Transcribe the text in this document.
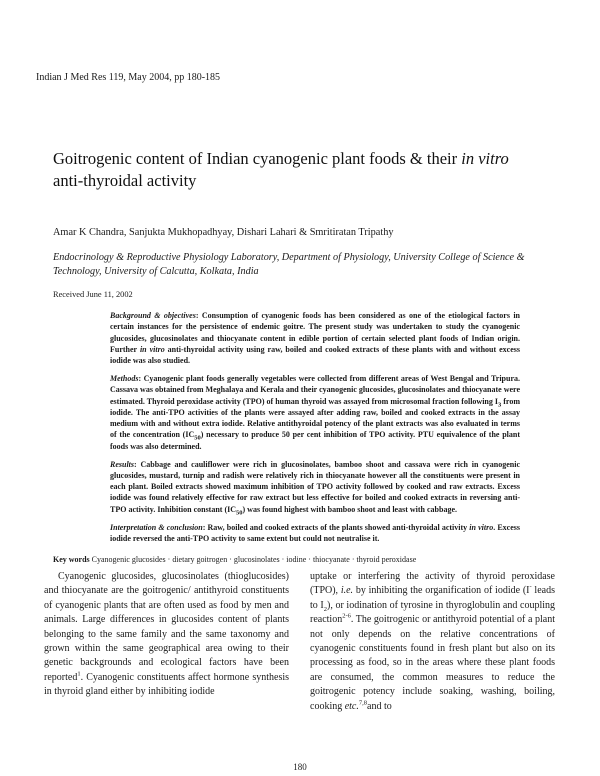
Indian J Med Res 119, May 2004, pp 180-185
Goitrogenic content of Indian cyanogenic plant foods & their in vitro
anti-thyroidal activity
Amar K Chandra, Sanjukta Mukhopadhyay, Dishari Lahari & Smritiratan Tripathy
Endocrinology & Reproductive Physiology Laboratory, Department of Physiology, University College of Science & Technology, University of Calcutta, Kolkata, India
Received June 11, 2002

Background & objectives: Consumption of cyanogenic foods has been considered as one of the etiological factors in certain instances for the persistence of endemic goitre. The present study was undertaken to study the cyanogenic glucosides, glucosinolates and thiocyanate content in edible portion of certain selected plant foods of Indian origin. Further in vitro anti-thyroidal activity using raw, boiled and cooked extracts of these plants with and without excess iodide was also studied.

Methods: Cyanogenic plant foods generally vegetables were collected from different areas of West Bengal and Tripura. Cassava was obtained from Meghalaya and Kerala and their cyanogenic glucosides, glucosinolates and thiocyanate were estimated. Thyroid peroxidase activity (TPO) of human thyroid was assayed from microsomal fraction following $I_3$ from iodide. The anti-TPO activities of the plants were assayed after adding raw, boiled and cooked extracts in the assay medium with and without extra iodide. Relative antithyroidal potency of the plant extracts was also evaluated in terms of the concentration $(IC_{50})$ necessary to produce 50 per cent inhibition of TPO activity. PTU equivalence of the plant foods was also determined.

Results: Cabbage and cauliflower were rich in glucosinolates, bamboo shoot and cassava were rich in cyanogenic glucosides, mustard, turnip and radish were relatively rich in thiocyanate however all the constituents were present in each plant. Boiled extracts showed maximum inhibition of TPO activity followed by cooked and raw extracts. Excess iodide was found relatively effective for raw extract but less effective for boiled and cooked extracts in reversing anti-TPO activity. Inhibition constant $(IC_{50})$ was found highest with bamboo shoot and least with cabbage.

Interpretation & conclusion: Raw, boiled and cooked extracts of the plants showed anti-thyroidal activity in vitro. Excess iodide reversed the anti-TPO activity to same extent but could not neutralise it.

Key words Cyanogenic glucosides · dietary goitrogen · glucosinolates · iodine · thiocyanate · thyroid peroxidase

Cyanogenic glucosides, glucosinolates (thioglucosides) and thiocyanate are the goitrogenic/ antithyroid constituents of cyanogenic plants that are often used as food by men and animals. Large differences in glucosides content of plants belonging to the same family and the same taxonomy and grown within the same geographical area owing to their genetic backgrounds and ecological factors have been reported$^1$. Cyanogenic constituents affect hormone synthesis in thyroid gland either by inhibiting iodide

uptake or interfering the activity of thyroid peroxidase (TPO), i.e. by inhibiting the organification of iodide (I- leads to $I_2$), or iodination of tyrosine in thyroglobulin and coupling reaction$^{2-6}$. The goitrogenic or antithyroid potential of a plant not only depends on the relative concentrations of cyanogenic constituents found in fresh plant but also on its processing as food, so in the areas where these plant foods are consumed, the common measures to reduce the goitrogenic potency include soaking, washing, boiling, cooking etc.$^{7,8}$and to

180
